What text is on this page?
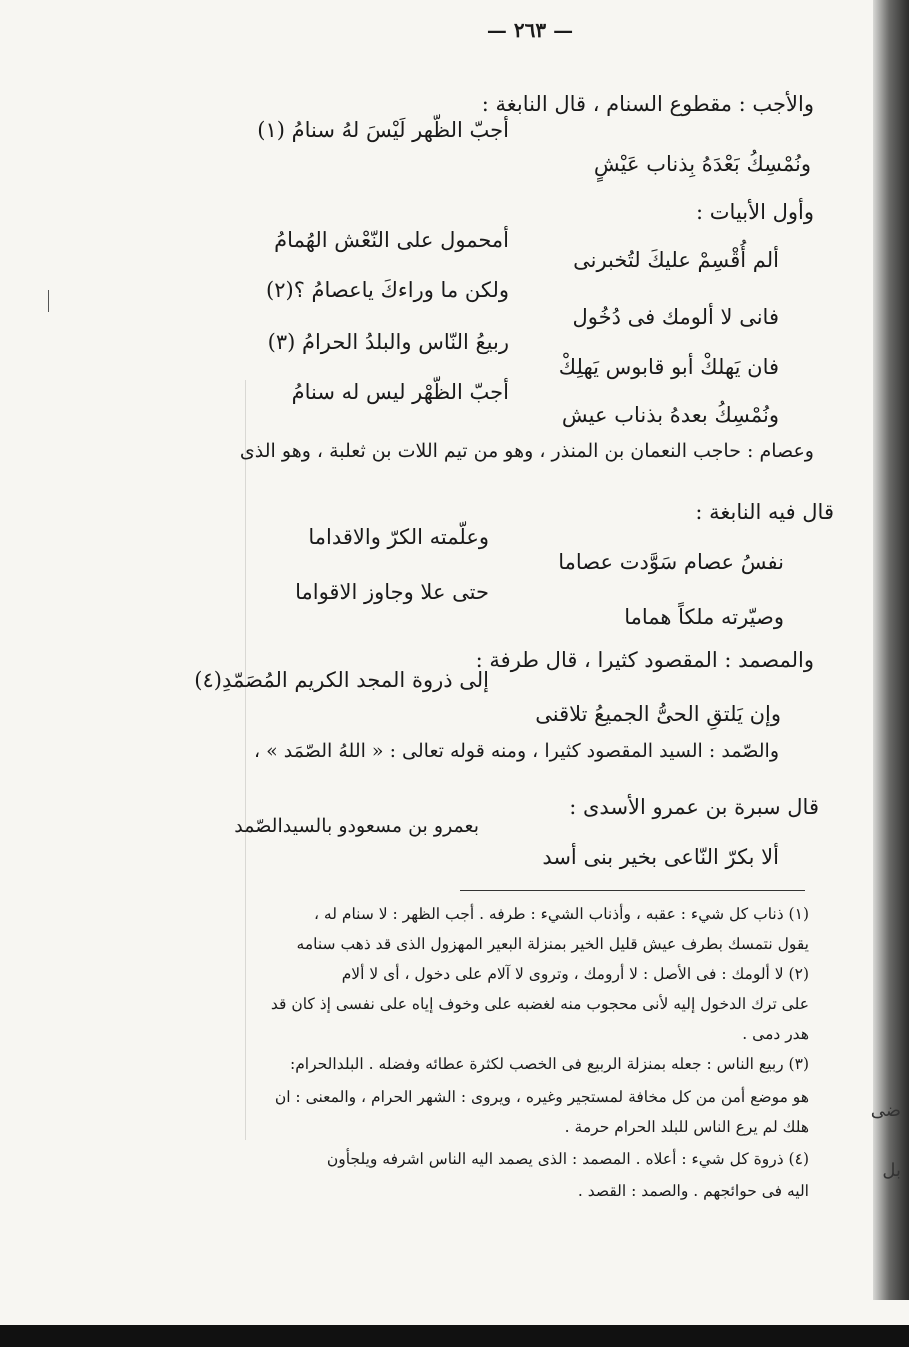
— ٢٦٣ —
والأجب : مقطوع السنام ، قال النابغة :
ونُمْسِكُ بَعْدَهُ بِذناب عَيْشٍ
أجبّ الظّهر لَيْسَ لهُ سنامُ (١)
وأول الأبيات :
ألم أُقْسِمْ عليكَ لتُخبرنى
أمحمول على النّعْش الهُمامُ
فانى لا ألومك فى دُخُول
ولكن ما وراءكَ ياعصامُ ؟(٢)
فان يَهلكْ أبو قابوس يَهلِكْ
ربيعُ النّاس والبلدُ الحرامُ (٣)
ونُمْسِكُ بعدهُ بذناب عيش
أجبّ الظّهْر ليس له سنامُ
وعصام : حاجب النعمان بن المنذر ، وهو من تيم اللات بن ثعلبة ، وهو الذى
قال فيه النابغة :
نفسُ عصام سَوَّدت عصاما
وعلّمته الكرّ والاقداما
وصيّرته ملكاً هماما
حتى علا وجاوز الاقواما
والمصمد : المقصود كثيرا ، قال طرفة :
وإن يَلتقِ الحىُّ الجميعُ تلاقنى
إلى ذروة المجد الكريم المُصَمّدِ(٤)
والصّمد : السيد المقصود كثيرا ، ومنه قوله تعالى : « اللهُ الصّمَد » ،
قال سبرة بن عمرو الأسدى :
ألا بكرّ النّاعى بخير بنى أسد
بعمرو بن مسعودو بالسيدالصّمد
(١) ذناب كل شيء : عقبه ، وأذناب الشيء : طرفه . أجب الظهر : لا سنام له ،
يقول نتمسك بطرف عيش قليل الخير بمنزلة البعير المهزول الذى قد ذهب سنامه
(٢) لا ألومك : فى الأصل : لا أرومك ، وتروى لا آلام على دخول ، أى لا ألام
على ترك الدخول إليه لأنى محجوب منه لغضبه على وخوف إياه على نفسى إذ كان قد
هدر دمى .
(٣) ربيع الناس : جعله بمنزلة الربيع فى الخصب لكثرة عطائه وفضله . البلدالحرام:
هو موضع أمن من كل مخافة لمستجير وغيره ، ويروى : الشهر الحرام ، والمعنى : ان
هلك لم يرع الناس للبلد الحرام حرمة .
(٤) ذروة كل شيء : أعلاه . المصمد : الذى يصمد اليه الناس اشرفه ويلجأون
اليه فى حوائجهم . والصمد : القصد .
ضى
بل
